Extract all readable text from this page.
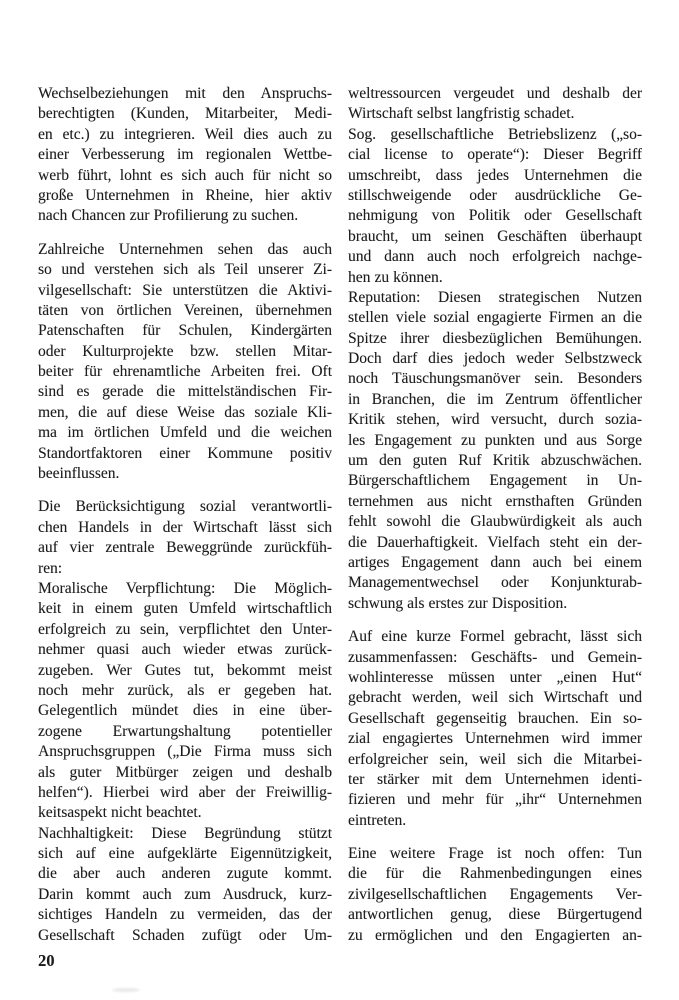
Wechselbeziehungen mit den Anspruchs-
berechtigten (Kunden, Mitarbeiter, Medi-
en etc.) zu integrieren. Weil dies auch zu
einer Verbesserung im regionalen Wettbe-
werb führt, lohnt es sich auch für nicht so
große Unternehmen in Rheine, hier aktiv
nach Chancen zur Profilierung zu suchen.
Zahlreiche Unternehmen sehen das auch
so und verstehen sich als Teil unserer Zi-
vilgesellschaft: Sie unterstützen die Aktivi-
täten von örtlichen Vereinen, übernehmen
Patenschaften für Schulen, Kindergärten
oder Kulturprojekte bzw. stellen Mitar-
beiter für ehrenamtliche Arbeiten frei. Oft
sind es gerade die mittelständischen Fir-
men, die auf diese Weise das soziale Kli-
ma im örtlichen Umfeld und die weichen
Standortfaktoren einer Kommune positiv
beeinflussen.
Die Berücksichtigung sozial verantwortli-
chen Handels in der Wirtschaft lässt sich
auf vier zentrale Beweggründe zurückfüh-
ren:
Moralische Verpflichtung: Die Möglich-
keit in einem guten Umfeld wirtschaftlich
erfolgreich zu sein, verpflichtet den Unter-
nehmer quasi auch wieder etwas zurück-
zugeben. Wer Gutes tut, bekommt meist
noch mehr zurück, als er gegeben hat.
Gelegentlich mündet dies in eine über-
zogene Erwartungshaltung potentieller
Anspruchsgruppen („Die Firma muss sich
als guter Mitbürger zeigen und deshalb
helfen“). Hierbei wird aber der Freiwillig-
keitsaspekt nicht beachtet.
Nachhaltigkeit: Diese Begründung stützt
sich auf eine aufgeklärte Eigennützigkeit,
die aber auch anderen zugute kommt.
Darin kommt auch zum Ausdruck, kurz-
sichtiges Handeln zu vermeiden, das der
Gesellschaft Schaden zufügt oder Um-
weltressourcen vergeudet und deshalb der
Wirtschaft selbst langfristig schadet.
Sog. gesellschaftliche Betriebslizenz („so-
cial license to operate“): Dieser Begriff
umschreibt, dass jedes Unternehmen die
stillschweigende oder ausdrückliche Ge-
nehmigung von Politik oder Gesellschaft
braucht, um seinen Geschäften überhaupt
und dann auch noch erfolgreich nachge-
hen zu können.
Reputation: Diesen strategischen Nutzen
stellen viele sozial engagierte Firmen an die
Spitze ihrer diesbezüglichen Bemühungen.
Doch darf dies jedoch weder Selbstzweck
noch Täuschungsmanöver sein. Besonders
in Branchen, die im Zentrum öffentlicher
Kritik stehen, wird versucht, durch sozia-
les Engagement zu punkten und aus Sorge
um den guten Ruf Kritik abzuschwächen.
Bürgerschaftlichem Engagement in Un-
ternehmen aus nicht ernsthaften Gründen
fehlt sowohl die Glaubwürdigkeit als auch
die Dauerhaftigkeit. Vielfach steht ein der-
artiges Engagement dann auch bei einem
Managementwechsel oder Konjunkturab-
schwung als erstes zur Disposition.
Auf eine kurze Formel gebracht, lässt sich
zusammenfassen: Geschäfts- und Gemein-
wohlinteresse müssen unter „einen Hut“
gebracht werden, weil sich Wirtschaft und
Gesellschaft gegenseitig brauchen. Ein so-
zial engagiertes Unternehmen wird immer
erfolgreicher sein, weil sich die Mitarbei-
ter stärker mit dem Unternehmen identi-
fizieren und mehr für „ihr“ Unternehmen
eintreten.
Eine weitere Frage ist noch offen: Tun
die für die Rahmenbedingungen eines
zivilgesellschaftlichen Engagements Ver-
antwortlichen genug, diese Bürgertugend
zu ermöglichen und den Engagierten an-
20
